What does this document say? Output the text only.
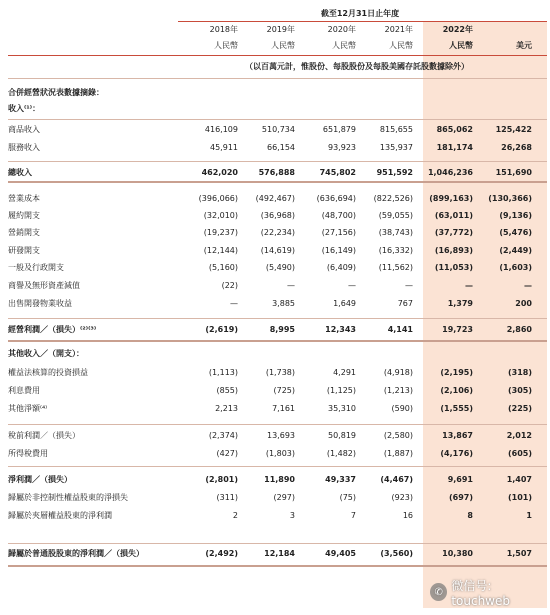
截至12月31日止年度
2018年	2019年	2020年	2021年	2022年
人民幣	人民幣	人民幣	人民幣	人民幣	美元
（以百萬元計，惟股份、每股股份及每股美國存託股數據除外）
合併經營狀況表數據摘錄：
收入⁽¹⁾：
商品收入	416,109	510,734	651,879	815,655	865,062	125,422
服務收入	45,911	66,154	93,923	135,937	181,174	26,268
總收入	462,020	576,888	745,802	951,592	1,046,236	151,690
營業成本	(396,066)	(492,467)	(636,694)	(822,526)	(899,163)	(130,366)
履約開支	(32,010)	(36,968)	(48,700)	(59,055)	(63,011)	(9,136)
營銷開支	(19,237)	(22,234)	(27,156)	(38,743)	(37,772)	(5,476)
研發開支	(12,144)	(14,619)	(16,149)	(16,332)	(16,893)	(2,449)
一般及行政開支	(5,160)	(5,490)	(6,409)	(11,562)	(11,053)	(1,603)
商譽及無形資產減值	(22)	—	—	—	—	—
出售開發物業收益	—	3,885	1,649	767	1,379	200
經營利潤／（損失）⁽²⁾⁽³⁾	(2,619)	8,995	12,343	4,141	19,723	2,860
其他收入／（開支）：
權益法核算的投資損益	(1,113)	(1,738)	4,291	(4,918)	(2,195)	(318)
利息費用	(855)	(725)	(1,125)	(1,213)	(2,106)	(305)
其他淨額⁽⁴⁾	2,213	7,161	35,310	(590)	(1,555)	(225)
稅前利潤／（損失）	(2,374)	13,693	50,819	(2,580)	13,867	2,012
所得稅費用	(427)	(1,803)	(1,482)	(1,887)	(4,176)	(605)
淨利潤／（損失）	(2,801)	11,890	49,337	(4,467)	9,691	1,407
歸屬於非控制性權益股東的淨損失	(311)	(297)	(75)	(923)	(697)	(101)
歸屬於夾層權益股東的淨利潤	2	3	7	16	8	1
歸屬於普通股股東的淨利潤／（損失）	(2,492)	12,184	49,405	(3,560)	10,380	1,507
✆ 微信号: touchweb
